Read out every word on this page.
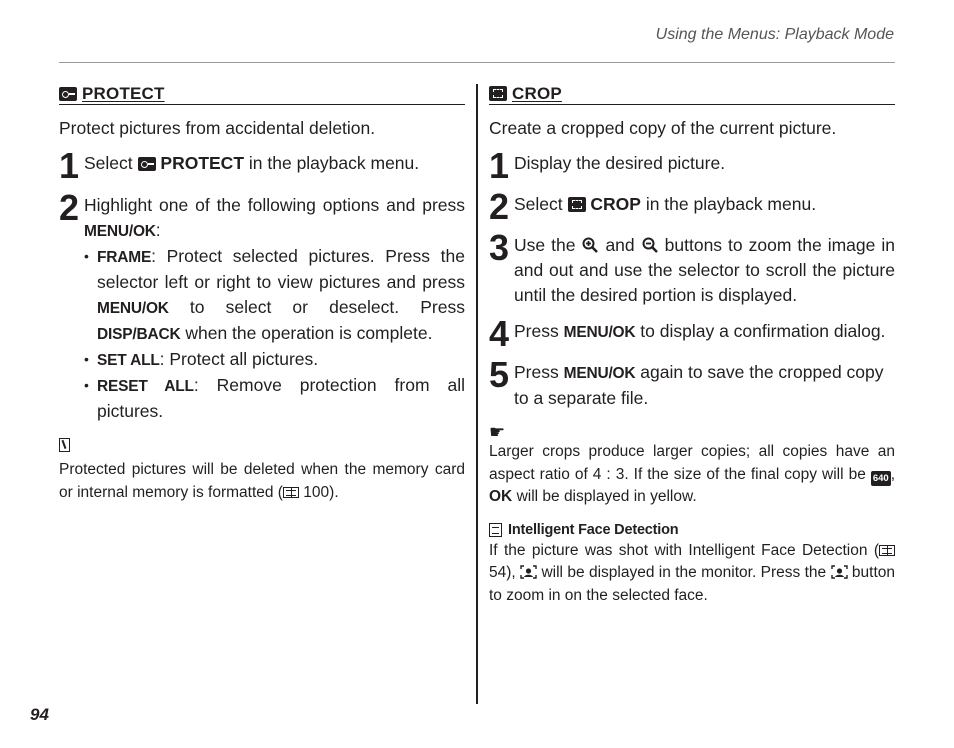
Using the Menus: Playback Mode
PROTECT
Protect pictures from accidental deletion.
1 Select PROTECT in the playback menu.
2 Highlight one of the following options and press MENU/OK:
• FRAME: Protect selected pictures. Press the selector left or right to view pictures and press MENU/OK to select or deselect. Press DISP/BACK when the operation is complete.
• SET ALL: Protect all pictures.
• RESET ALL: Remove protection from all pictures.
Protected pictures will be deleted when the memory card or internal memory is formatted ( 100).
CROP
Create a cropped copy of the current picture.
1 Display the desired picture.
2 Select CROP in the playback menu.
3 Use the and buttons to zoom the image in and out and use the selector to scroll the picture until the desired portion is displayed.
4 Press MENU/OK to display a confirmation dialog.
5 Press MENU/OK again to save the cropped copy to a separate file.
☛
Larger crops produce larger copies; all copies have an aspect ratio of 4 : 3. If the size of the final copy will be 640 , OK will be displayed in yellow.
Intelligent Face Detection
If the picture was shot with Intelligent Face Detection ( 54), will be displayed in the monitor. Press the button to zoom in on the selected face.
94
